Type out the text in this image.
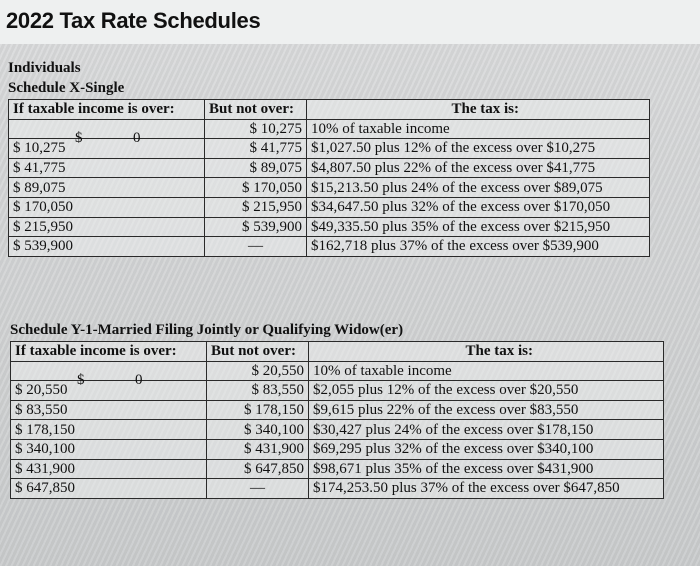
2022 Tax Rate Schedules
Individuals
Schedule X-Single
If taxable income is over:	But not over:	The tax is:

$ 0	$ 10,275	10% of taxable income
$ 10,275	$ 41,775	$1,027.50 plus 12% of the excess over $10,275
$ 41,775	$ 89,075	$4,807.50 plus 22% of the excess over $41,775
$ 89,075	$ 170,050	$15,213.50 plus 24% of the excess over $89,075
$ 170,050	$ 215,950	$34,647.50 plus 32% of the excess over $170,050
$ 215,950	$ 539,900	$49,335.50 plus 35% of the excess over $215,950
$ 539,900	—	$162,718 plus 37% of the excess over $539,900
Schedule Y-1-Married Filing Jointly or Qualifying Widow(er)
If taxable income is over:	But not over:	The tax is:

$ 0	$ 20,550	10% of taxable income
$ 20,550	$ 83,550	$2,055 plus 12% of the excess over $20,550
$ 83,550	$ 178,150	$9,615 plus 22% of the excess over $83,550
$ 178,150	$ 340,100	$30,427 plus 24% of the excess over $178,150
$ 340,100	$ 431,900	$69,295 plus 32% of the excess over $340,100
$ 431,900	$ 647,850	$98,671 plus 35% of the excess over $431,900
$ 647,850	—	$174,253.50 plus 37% of the excess over $647,850
